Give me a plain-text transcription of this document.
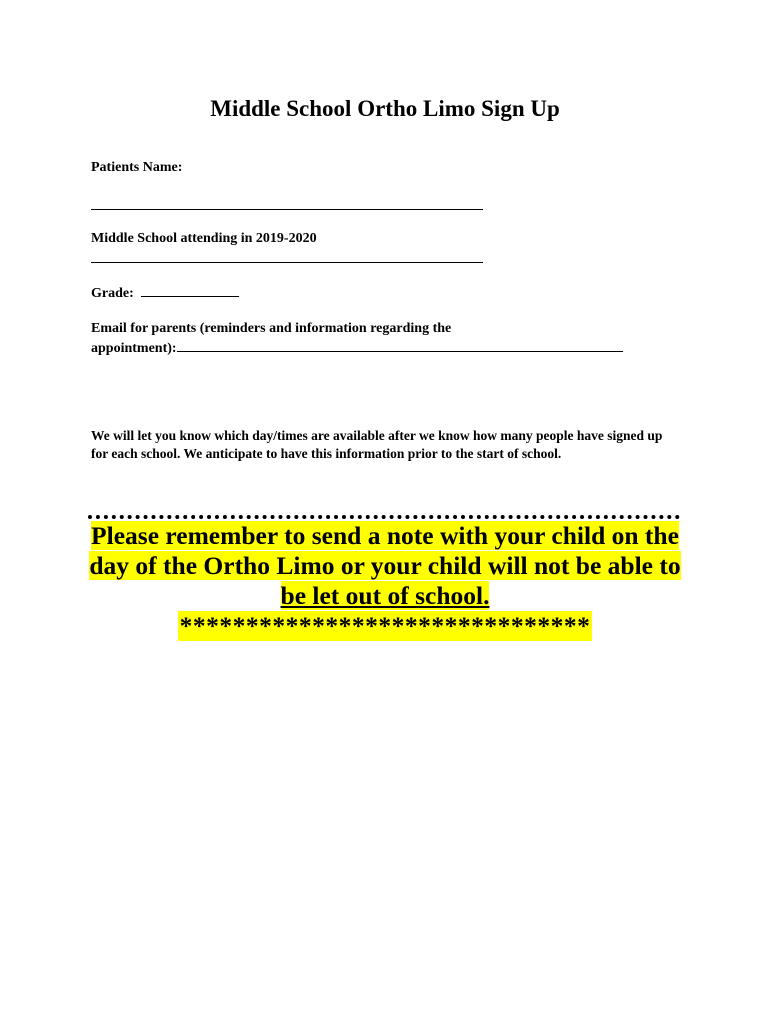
Middle School Ortho Limo Sign Up
Patients Name:
Middle School attending in 2019-2020
Grade:
Email for parents (reminders and information regarding the
appointment):
We will let you know which day/times are available after we know how many people have signed up for each school. We anticipate to have this information prior to the start of school.
Please remember to send a note with your child on the
day of the Ortho Limo or your child will not be able to
be let out of school.
*******************************
